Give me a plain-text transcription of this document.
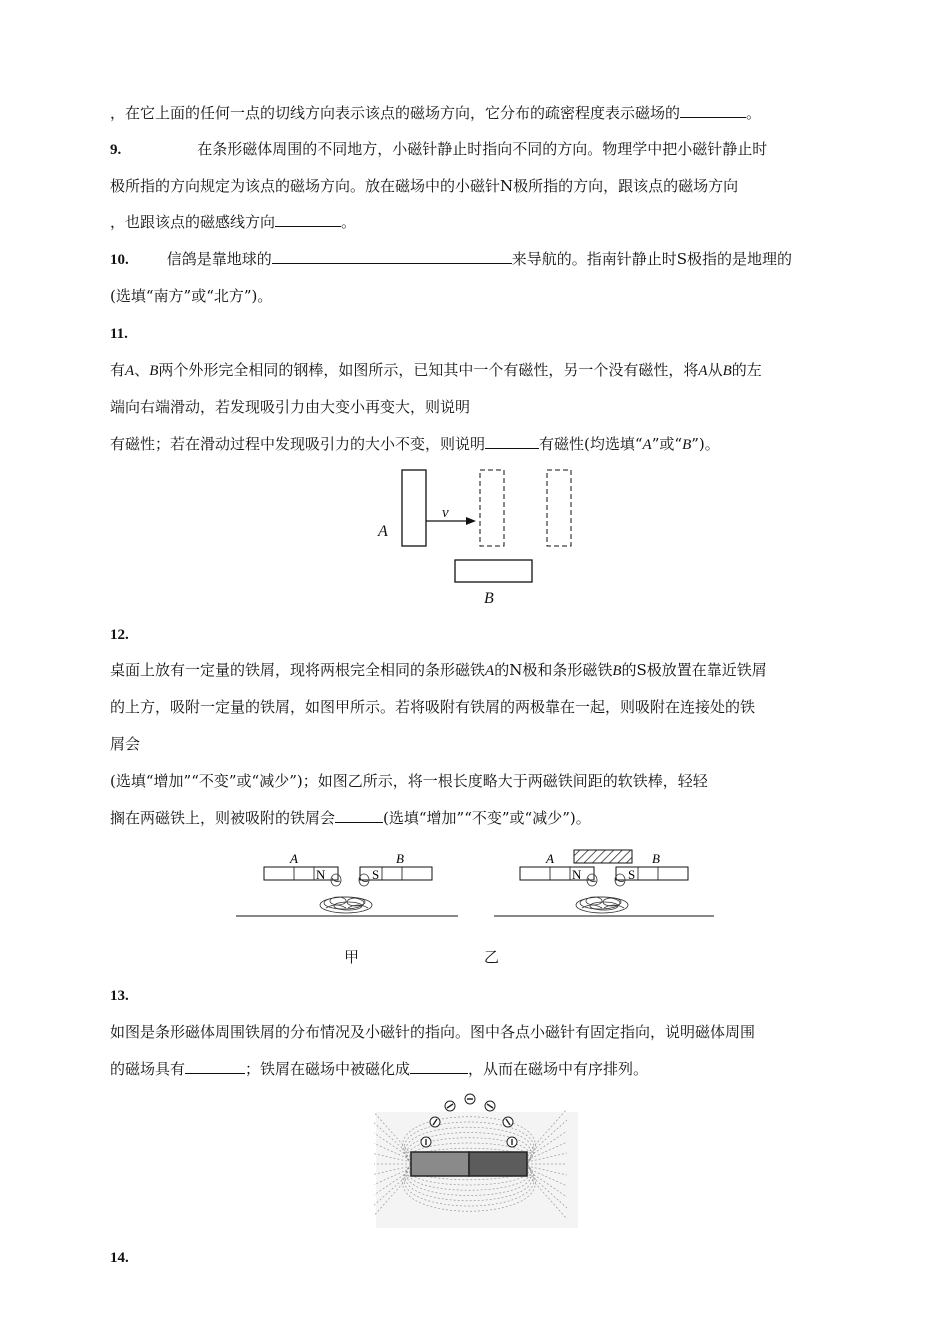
，在它上面的任何一点的切线方向表示该点的磁场方向，它分布的疏密程度表示磁场的	。
9.	在条形磁体周围的不同地方，小磁针静止时指向不同的方向。物理学中把小磁针静止时
极所指的方向规定为该点的磁场方向。放在磁场中的小磁针N极所指的方向，跟该点的磁场方向
，也跟该点的磁感线方向	。
10.	信鸽是靠地球的	来导航的。指南针静止时S极指的是地理的
(选填“南方”或“北方”)。
11.
有A、B两个外形完全相同的钢棒，如图所示，已知其中一个有磁性，另一个没有磁性，将A从B的左
端向右端滑动，若发现吸引力由大变小再变大，则说明
有磁性；若在滑动过程中发现吸引力的大小不变，则说明	有磁性(均选填“A”或“B”)。
A
v
B
12.
桌面上放有一定量的铁屑，现将两根完全相同的条形磁铁A的N极和条形磁铁B的S极放置在靠近铁屑
的上方，吸附一定量的铁屑，如图甲所示。若将吸附有铁屑的两极靠在一起，则吸附在连接处的铁
屑会
(选填“增加”“不变”或“减少”)；如图乙所示，将一根长度略大于两磁铁间距的软铁棒，轻轻
搁在两磁铁上，则被吸附的铁屑会	(选填“增加”“不变”或“减少”)。
A	B
N	S
A	B
N	S
甲	乙
13.
如图是条形磁体周围铁屑的分布情况及小磁针的指向。图中各点小磁针有固定指向，说明磁体周围
的磁场具有	；铁屑在磁场中被磁化成	，从而在磁场中有序排列。
14.
